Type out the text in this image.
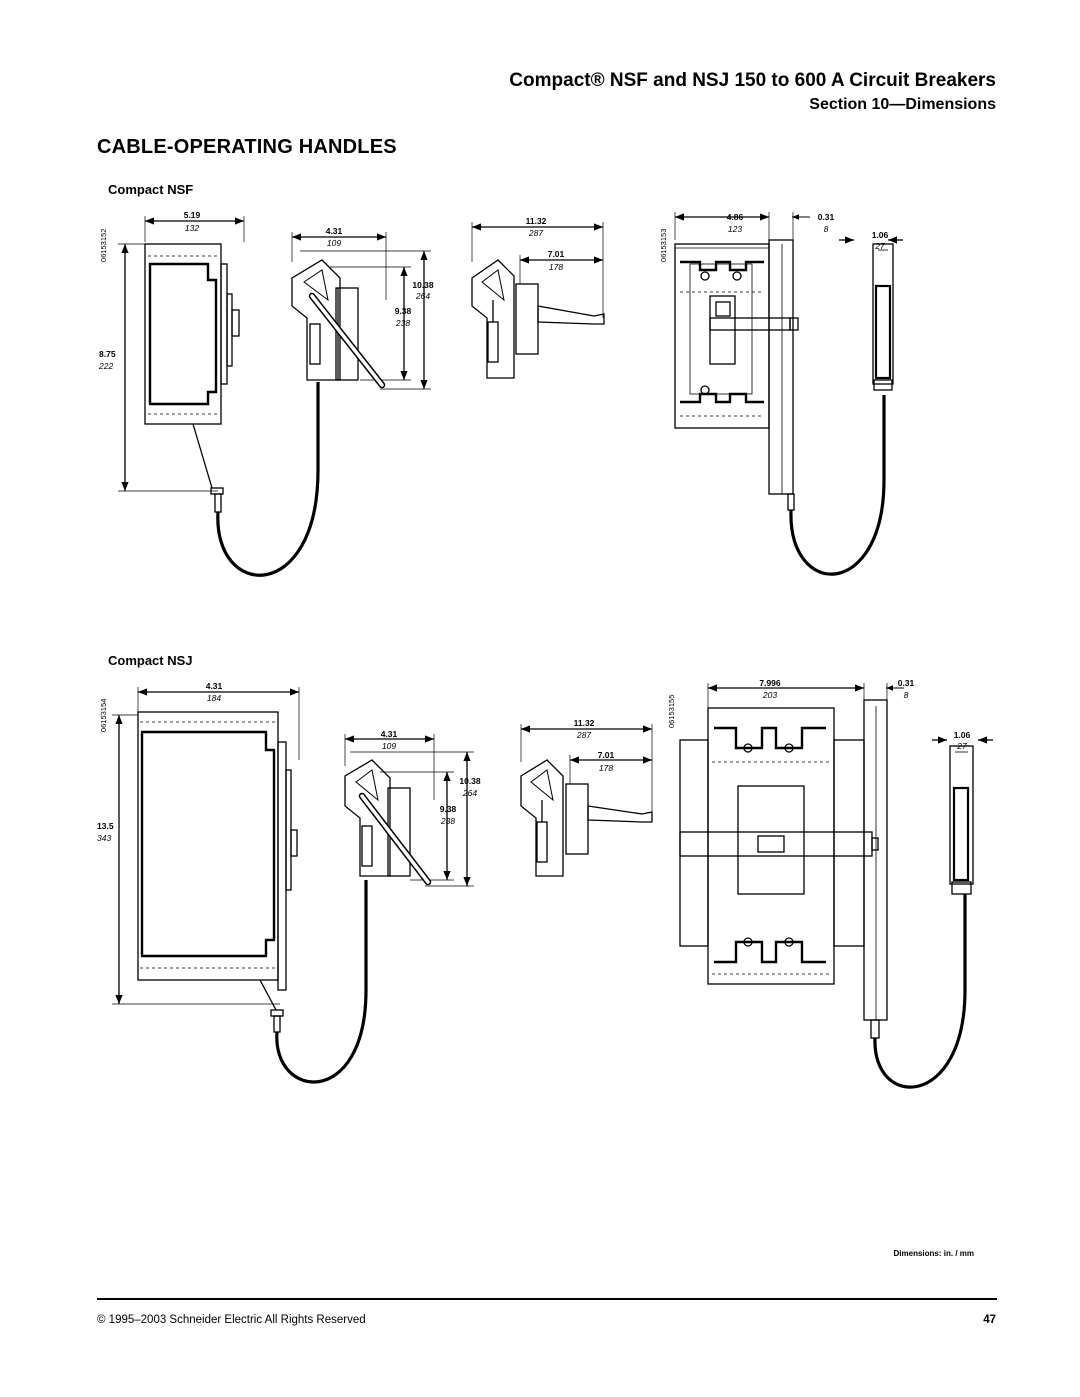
Compact® NSF and NSJ 150 to 600 A Circuit Breakers
Section 10—Dimensions
CABLE-OPERATING HANDLES
Compact NSF
Compact NSJ
06153152
5.19
132
8.75
222
4.31
109
10.38
264
9.38
238
11.32
287
7.01
178
06153153
4.86
123
0.31
8
1.06
27
06153154
4.31
184
13.5
343
4.31
109
10.38
264
9.38
238
11.32
287
7.01
178
06153155
7.996
203
0.31
8
1.06
27
Dimensions: in. / mm
© 1995–2003 Schneider Electric All Rights Reserved	47
